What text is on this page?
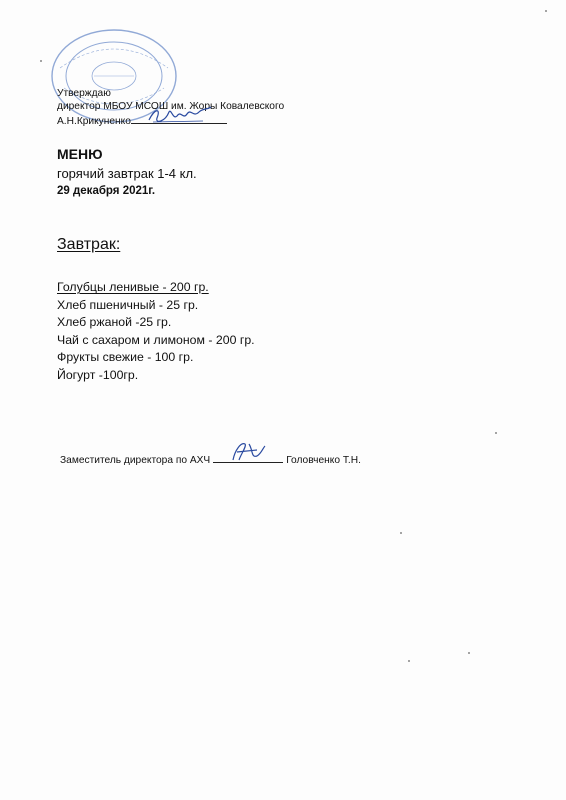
Утверждаю
директор МБОУ МСОШ им. Жоры Ковалевского
А.Н.Крикуненко
МЕНЮ
горячий завтрак 1-4 кл.
29 декабря 2021г.
Завтрак:
Голубцы ленивые - 200 гр.
Хлеб пшеничный - 25 гр.
Хлеб ржаной -25 гр.
Чай с сахаром и лимоном - 200 гр.
Фрукты свежие - 100 гр.
Йогурт -100гр.
Заместитель директора по АХЧ	Головченко Т.Н.
